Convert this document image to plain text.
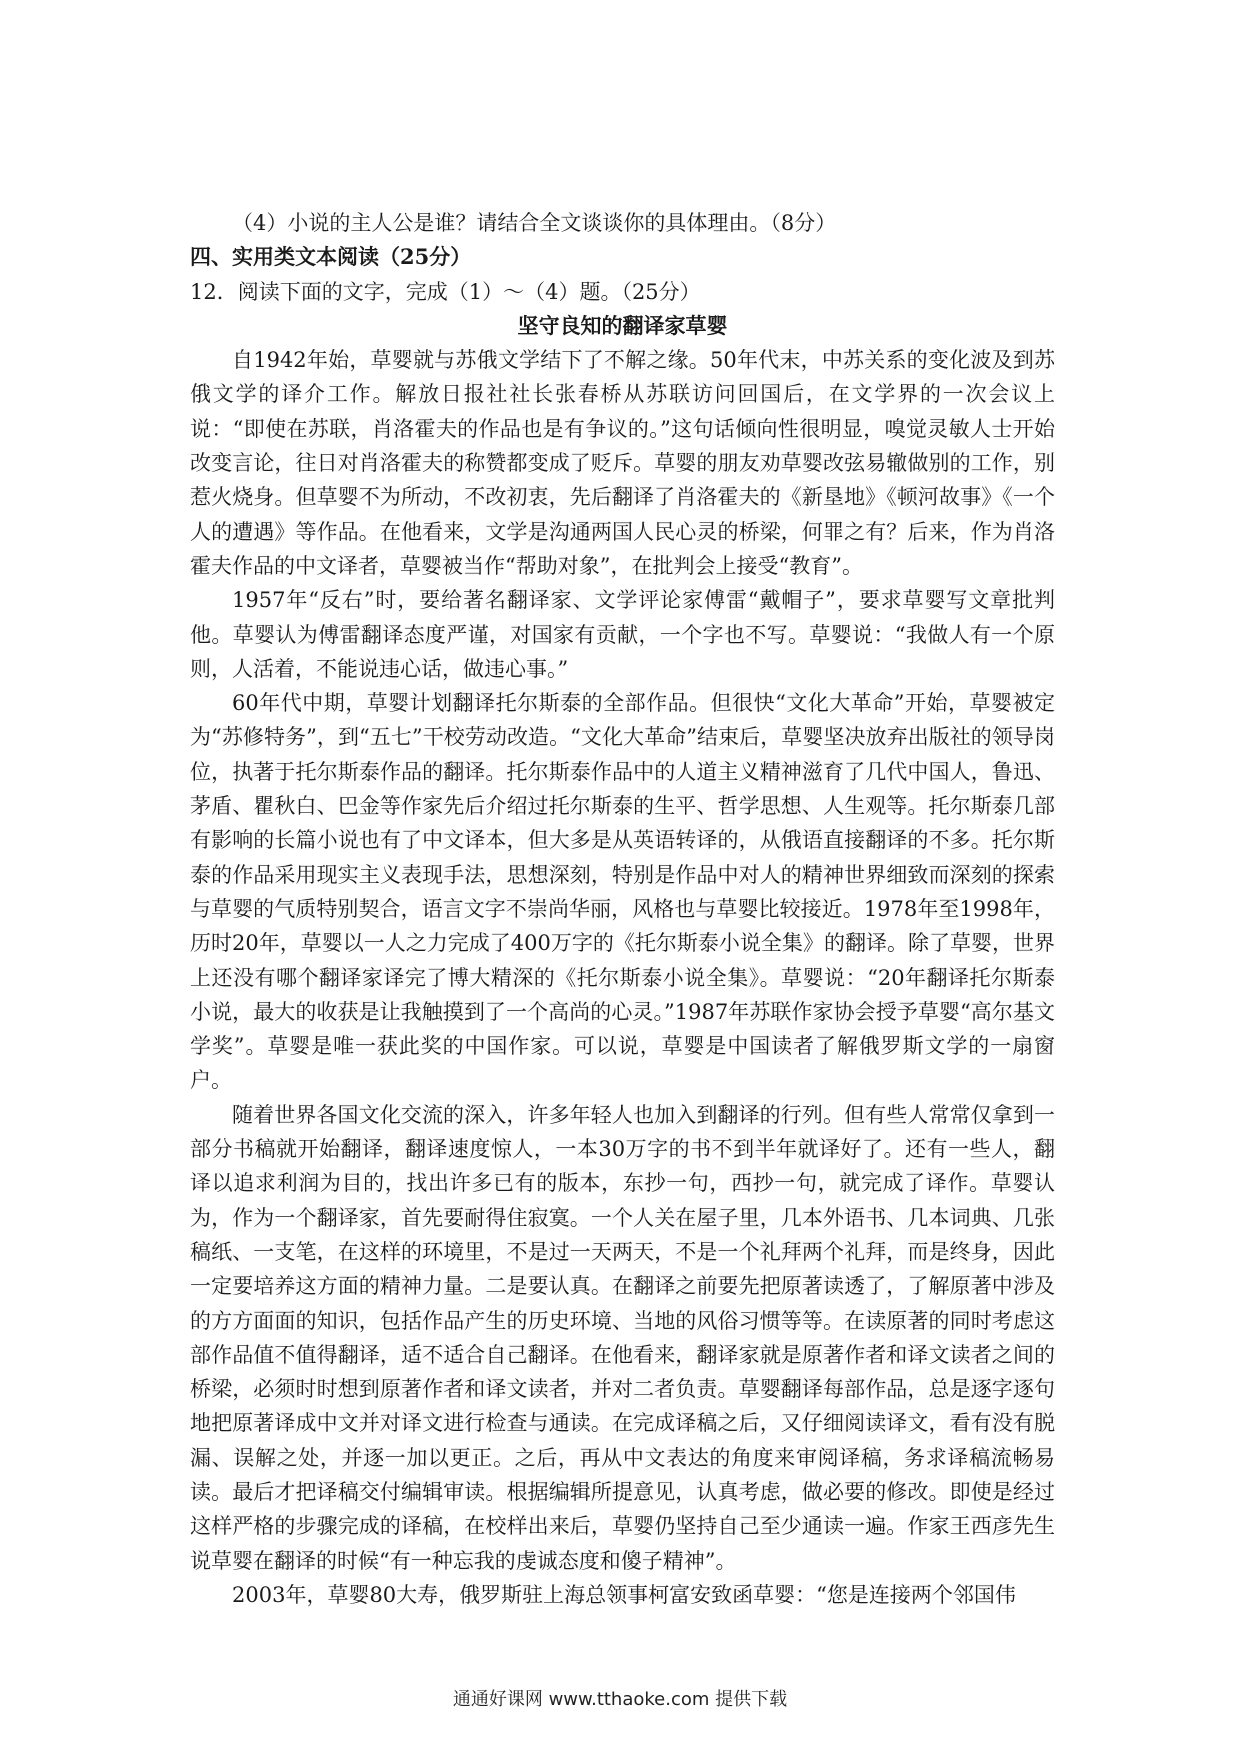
（4）小说的主人公是谁？请结合全文谈谈你的具体理由。（8分）

四、实用类文本阅读（25分）

12．阅读下面的文字，完成（1）～（4）题。（25分）

坚守良知的翻译家草婴

自1942年始，草婴就与苏俄文学结下了不解之缘。50年代末，中苏关系的变化波及到苏俄文学的译介工作。解放日报社社长张春桥从苏联访问回国后，在文学界的一次会议上说：“即使在苏联，肖洛霍夫的作品也是有争议的。”这句话倾向性很明显，嗅觉灵敏人士开始改变言论，往日对肖洛霍夫的称赞都变成了贬斥。草婴的朋友劝草婴改弦易辙做别的工作，别惹火烧身。但草婴不为所动，不改初衷，先后翻译了肖洛霍夫的《新垦地》《顿河故事》《一个人的遭遇》等作品。在他看来，文学是沟通两国人民心灵的桥梁，何罪之有？后来，作为肖洛霍夫作品的中文译者，草婴被当作“帮助对象”，在批判会上接受“教育”。

1957年“反右”时，要给著名翻译家、文学评论家傅雷“戴帽子”，要求草婴写文章批判他。草婴认为傅雷翻译态度严谨，对国家有贡献，一个字也不写。草婴说：“我做人有一个原则，人活着，不能说违心话，做违心事。”

60年代中期，草婴计划翻译托尔斯泰的全部作品。但很快“文化大革命”开始，草婴被定为“苏修特务”，到“五七”干校劳动改造。“文化大革命”结束后，草婴坚决放弃出版社的领导岗位，执著于托尔斯泰作品的翻译。托尔斯泰作品中的人道主义精神滋育了几代中国人，鲁迅、茅盾、瞿秋白、巴金等作家先后介绍过托尔斯泰的生平、哲学思想、人生观等。托尔斯泰几部有影响的长篇小说也有了中文译本，但大多是从英语转译的，从俄语直接翻译的不多。托尔斯泰的作品采用现实主义表现手法，思想深刻，特别是作品中对人的精神世界细致而深刻的探索与草婴的气质特别契合，语言文字不崇尚华丽，风格也与草婴比较接近。1978年至1998年，历时20年，草婴以一人之力完成了400万字的《托尔斯泰小说全集》的翻译。除了草婴，世界上还没有哪个翻译家译完了博大精深的《托尔斯泰小说全集》。草婴说：“20年翻译托尔斯泰小说，最大的收获是让我触摸到了一个高尚的心灵。”1987年苏联作家协会授予草婴“高尔基文学奖”。草婴是唯一获此奖的中国作家。可以说，草婴是中国读者了解俄罗斯文学的一扇窗户。

随着世界各国文化交流的深入，许多年轻人也加入到翻译的行列。但有些人常常仅拿到一部分书稿就开始翻译，翻译速度惊人，一本30万字的书不到半年就译好了。还有一些人，翻译以追求利润为目的，找出许多已有的版本，东抄一句，西抄一句，就完成了译作。草婴认为，作为一个翻译家，首先要耐得住寂寞。一个人关在屋子里，几本外语书、几本词典、几张稿纸、一支笔，在这样的环境里，不是过一天两天，不是一个礼拜两个礼拜，而是终身，因此一定要培养这方面的精神力量。二是要认真。在翻译之前要先把原著读透了，了解原著中涉及的方方面面的知识，包括作品产生的历史环境、当地的风俗习惯等等。在读原著的同时考虑这部作品值不值得翻译，适不适合自己翻译。在他看来，翻译家就是原著作者和译文读者之间的桥梁，必须时时想到原著作者和译文读者，并对二者负责。草婴翻译每部作品，总是逐字逐句地把原著译成中文并对译文进行检查与通读。在完成译稿之后，又仔细阅读译文，看有没有脱漏、误解之处，并逐一加以更正。之后，再从中文表达的角度来审阅译稿，务求译稿流畅易读。最后才把译稿交付编辑审读。根据编辑所提意见，认真考虑，做必要的修改。即使是经过这样严格的步骤完成的译稿，在校样出来后，草婴仍坚持自己至少通读一遍。作家王西彦先生说草婴在翻译的时候“有一种忘我的虔诚态度和傻子精神”。

2003年，草婴80大寿，俄罗斯驻上海总领事柯富安致函草婴：“您是连接两个邻国伟

通通好课网 www.tthaoke.com 提供下载
